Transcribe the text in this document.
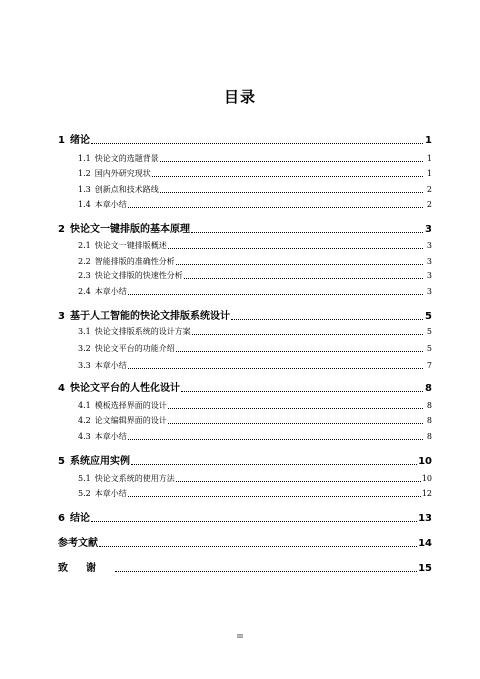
目录
1 绪论	1
1.1 快论文的选题背景	1
1.2 国内外研究现状	1
1.3 创新点和技术路线	2
1.4 本章小结	2
2 快论文一键排版的基本原理	3
2.1 快论文一键排版概述	3
2.2 智能排版的准确性分析	3
2.3 快论文排版的快速性分析	3
2.4 本章小结	3
3 基于人工智能的快论文排版系统设计	5
3.1 快论文排版系统的设计方案	5
3.2 快论文平台的功能介绍	5
3.3 本章小结	7
4 快论文平台的人性化设计	8
4.1 模板选择界面的设计	8
4.2 论文编辑界面的设计	8
4.3 本章小结	8
5 系统应用实例	10
5.1 快论文系统的使用方法	10
5.2 本章小结	12
6 结论	13
参考文献	14
致谢	15
III
